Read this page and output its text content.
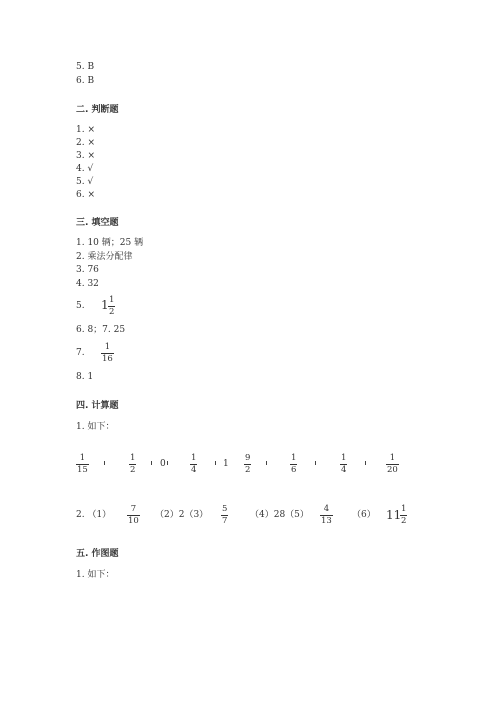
5. B
6. B
二. 判断题
1. ×
2. ×
3. ×
4. √
5. √
6. ×
三. 填空题
1. 10 辆；25 辆
2. 乘法分配律
3. 76
4. 32
5. $1 \frac{1}{2}$
6. 8；7. 25
7. $\frac{1}{16}$
8. 1
四. 计算题
1. 如下：
$\frac{1}{15}$	$\frac{1}{2}$	0	$\frac{1}{4}$	$1 \frac{9}{2}$	$\frac{1}{6}$	$\frac{1}{4}$	$\frac{1}{20}$
2. $(1) \frac{7}{10} (2)2(3) \frac{5}{7} (4)28(5) \frac{4}{13} (6)$ 11
$\frac{1}{2}$
五. 作图题
1. 如下：
